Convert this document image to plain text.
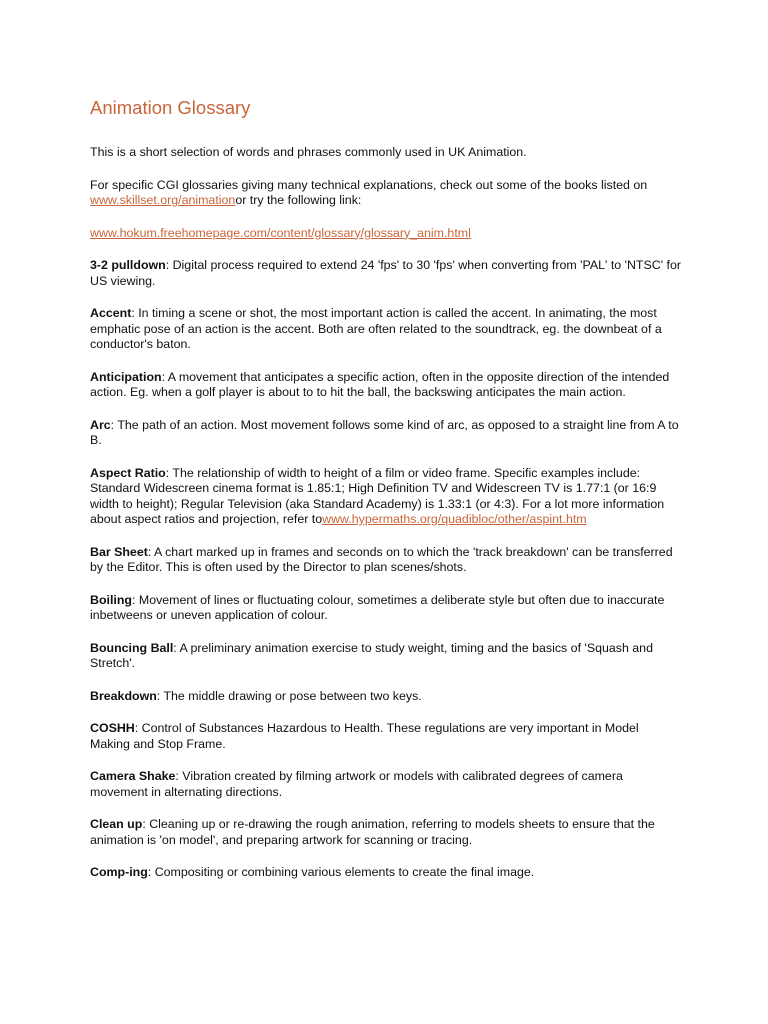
Animation Glossary

This is a short selection of words and phrases commonly used in UK Animation.

For specific CGI glossaries giving many technical explanations, check out some of the books listed on www.skillset.org/animationor try the following link:

www.hokum.freehomepage.com/content/glossary/glossary_anim.html

3-2 pulldown: Digital process required to extend 24 'fps' to 30 'fps' when converting from 'PAL' to 'NTSC' for US viewing.

Accent: In timing a scene or shot, the most important action is called the accent. In animating, the most emphatic pose of an action is the accent. Both are often related to the soundtrack, eg. the downbeat of a conductor's baton.

Anticipation: A movement that anticipates a specific action, often in the opposite direction of the intended action. Eg. when a golf player is about to to hit the ball, the backswing anticipates the main action.

Arc: The path of an action. Most movement follows some kind of arc, as opposed to a straight line from A to B.

Aspect Ratio: The relationship of width to height of a film or video frame. Specific examples include: Standard Widescreen cinema format is 1.85:1; High Definition TV and Widescreen TV is 1.77:1 (or 16:9 width to height); Regular Television (aka Standard Academy) is 1.33:1 (or 4:3). For a lot more information about aspect ratios and projection, refer towww.hypermaths.org/quadibloc/other/aspint.htm

Bar Sheet: A chart marked up in frames and seconds on to which the 'track breakdown' can be transferred by the Editor. This is often used by the Director to plan scenes/shots.

Boiling: Movement of lines or fluctuating colour, sometimes a deliberate style but often due to inaccurate inbetweens or uneven application of colour.

Bouncing Ball: A preliminary animation exercise to study weight, timing and the basics of 'Squash and Stretch'.

Breakdown: The middle drawing or pose between two keys.

COSHH: Control of Substances Hazardous to Health. These regulations are very important in Model Making and Stop Frame.

Camera Shake: Vibration created by filming artwork or models with calibrated degrees of camera movement in alternating directions.

Clean up: Cleaning up or re-drawing the rough animation, referring to models sheets to ensure that the animation is 'on model', and preparing artwork for scanning or tracing.

Comp-ing: Compositing or combining various elements to create the final image.
